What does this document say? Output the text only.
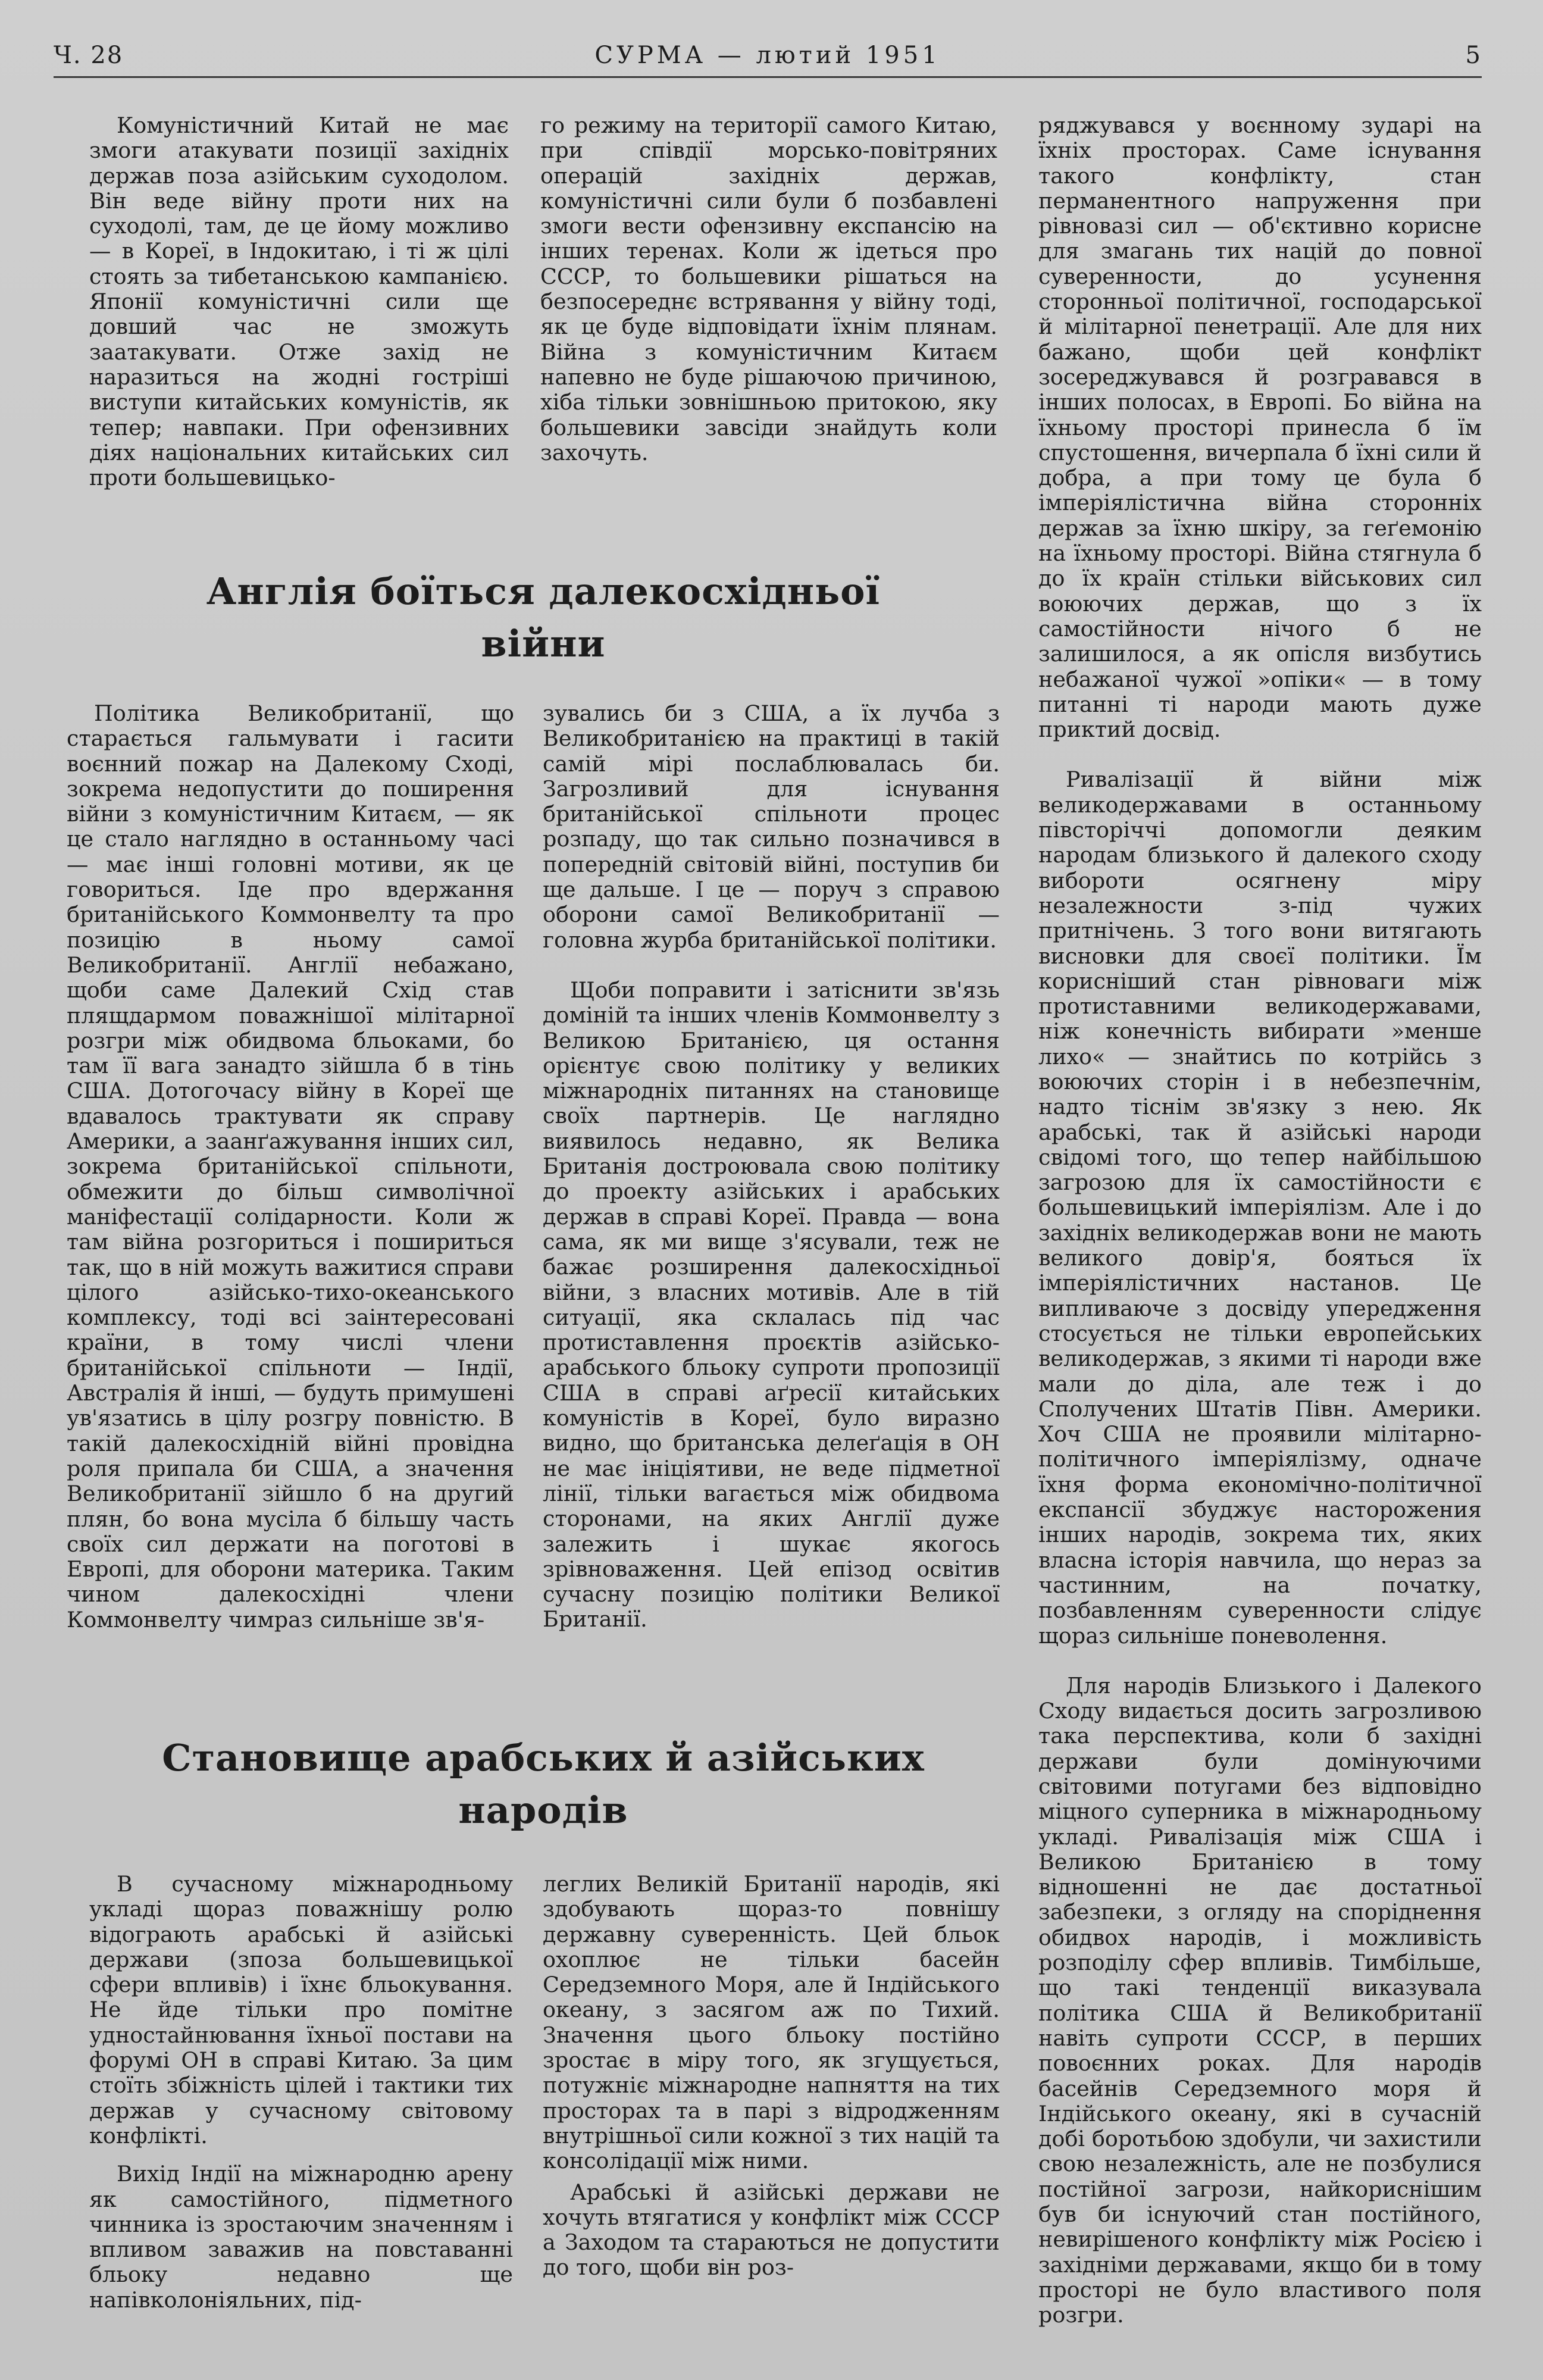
Ч. 28	СУРМА — лютий 1951	5

Комуністичний Китай не має змоги атакувати позиції західніх держав поза азійським суходолом. Він веде війну проти них на суходолі, там, де це йому можливо — в Кореї, в Індокитаю, і ті ж цілі стоять за тибетанською кампанією. Японії комуністичні сили ще довший час не зможуть заатакувати. Отже захід не наразиться на жодні гостріші виступи китайських комуністів, як тепер; навпаки. При офензивних діях національних китайських сил проти большевицько-

го режиму на території самого Китаю, при співдії морсько-повітряних операцій західніх держав, комуністичні сили були б позбавлені змоги вести офензивну експансію на інших теренах. Коли ж ідеться про СССР, то большевики рішаться на безпосереднє встрявання у війну тоді, як це буде відповідати їхнім плянам. Війна з комуністичним Китаєм напевно не буде рішаючою причиною, хіба тільки зовнішньою притокою, яку большевики завсіди знайдуть коли захочуть.

ряджувався у воєнному зударі на їхніх просторах. Саме існування такого конфлікту, стан перманентного напруження при рівновазі сил — об'єктивно корисне для змагань тих націй до повної суверенности, до усунення сторонньої політичної, господарської й мілітарної пенетрації. Але для них бажано, щоби цей конфлікт зосереджувався й розгравався в інших полосах, в Европі. Бо війна на їхньому просторі принесла б їм спустошення, вичерпала б їхні сили й добра, а при тому це була б імперіялістична війна сторонніх держав за їхню шкіру, за геґемонію на їхньому просторі. Війна стягнула б до їх країн стільки військових сил воюючих держав, що з їх самостійности нічого б не залишилося, а як опісля визбутись небажаної чужої »опіки« — в тому питанні ті народи мають дуже приктий досвід.

Ривалізації й війни між великодержавами в останньому півсторіччі допомогли деяким народам близького й далекого сходу вибороти осягнену міру незалежности з-під чужих притнічень. З того вони витягають висновки для своєї політики. Їм корисніший стан рівноваги між протиставними великодержавами, ніж конечність вибирати »менше лихо« — знайтись по котрійсь з воюючих сторін і в небезпечнім, надто тіснім зв'язку з нею. Як арабські, так й азійські народи свідомі того, що тепер найбільшою загрозою для їх самостійности є большевицький імперіялізм. Але і до західніх великодержав вони не мають великого довір'я, бояться їх імперіялістичних настанов. Це випливаюче з досвіду упередження стосується не тільки европейських великодержав, з якими ті народи вже мали до діла, але теж і до Сполучених Штатів Півн. Америки. Хоч США не проявили мілітарно-політичного імперіялізму, одначе їхня форма економічно-політичної експансії збуджує насторожения інших народів, зокрема тих, яких власна історія навчила, що нераз за частинним, на початку, позбавленням суверенности слідує щораз сильніше поневолення.

Для народів Близького і Далекого Сходу видається досить загрозливою така перспектива, коли б західні держави були домінуючими світовими потугами без відповідно міцного суперника в міжнародньому укладі. Ривалізація між США і Великою Британією в тому відношенні не дає достатньої забезпеки, з огляду на споріднення обидвох народів, і можливість розподілу сфер впливів. Тимбільше, що такі тенденції виказувала політика США й Великобританії навіть супроти СССР, в перших повоєнних роках. Для народів басейнів Середземного моря й Індійського океану, які в сучасній добі боротьбою здобули, чи захистили свою незалежність, але не позбулися постійної загрози, найкориснішим був би існуючий стан постійного, невирішеного конфлікту між Росією і західніми державами, якщо би в тому просторі не було властивого поля розгри.

Англія боїться далекосхідньої
війни

Політика Великобританії, що старається гальмувати і гасити воєнний пожар на Далекому Сході, зокрема недопустити до поширення війни з комуністичним Китаєм, — як це стало наглядно в останньому часі — має інші головні мотиви, як це говориться. Іде про вдержання британійського Коммонвелту та про позицію в ньому самої Великобританії. Англії небажано, щоби саме Далекий Схід став плящдармом поважнішої мілітарної розгри між обидвома бльоками, бо там її вага занадто зійшла б в тінь США. Дотогочасу війну в Кореї ще вдавалось трактувати як справу Америки, а заанґажування інших сил, зокрема британійської спільноти, обмежити до більш символічної маніфестації солідарности. Коли ж там війна розгориться і пошириться так, що в ній можуть важитися справи цілого азійсько-тихо-океанського комплексу, тоді всі заінтересовані країни, в тому числі члени британійської спільноти — Індії, Австралія й інші, — будуть примушені ув'язатись в цілу розгру повністю. В такій далекосхідній війні провідна роля припала би США, а значення Великобританії зійшло б на другий плян, бо вона мусіла б більшу часть своїх сил держати на поготові в Европі, для оборони материка. Таким чином далекосхідні члени Коммонвелту чимраз сильніше зв'я-

зувались би з США, а їх лучба з Великобританією на практиці в такій самій мірі послаблювалась би. Загрозливий для існування британійської спільноти процес розпаду, що так сильно позначився в попередній світовій війні, поступив би ще дальше. І це — поруч з справою оборони самої Великобританії — головна журба британійської політики.

Щоби поправити і затіснити зв'язь доміній та інших членів Коммонвелту з Великою Британією, ця остання орієнтує свою політику у великих міжнародніх питаннях на становище своїх партнерів. Це наглядно виявилось недавно, як Велика Британія достроювала свою політику до проекту азійських і арабських держав в справі Кореї. Правда — вона сама, як ми вище з'ясували, теж не бажає розширення далекосхідньої війни, з власних мотивів. Але в тій ситуації, яка склалась під час протиставлення проєктів азійсько-арабського бльоку супроти пропозиції США в справі аґресії китайських комуністів в Кореї, було виразно видно, що британська делеґація в ОН не має ініціятиви, не веде підметної лінії, тільки вагається між обидвома сторонами, на яких Англії дуже залежить і шукає якогось зрівноваження. Цей епізод освітив сучасну позицію політики Великої Британії.

Становище арабських й азійських
народів

В сучасному міжнародньому укладі щораз поважнішу ролю відограють арабські й азійські держави (зпоза большевицької сфери впливів) і їхнє бльокування. Не йде тільки про помітне удностайнювання їхньої постави на форумі ОН в справі Китаю. За цим стоїть збіжність цілей і тактики тих держав у сучасному світовому конфлікті.

Вихід Індії на міжнародню арену як самостійного, підметного чинника із зростаючим значенням і впливом заважив на повставанні бльоку недавно ще напівколоніяльних, під-

леглих Великій Британії народів, які здобувають щораз-то повнішу державну суверенність. Цей бльок охоплює не тільки басейн Середземного Моря, але й Індійського океану, з засягом аж по Тихий. Значення цього бльоку постійно зростає в міру того, як згущується, потужніє міжнародне напняття на тих просторах та в парі з відродженням внутрішньої сили кожної з тих націй та консолідації між ними.

Арабські й азійські держави не хочуть втягатися у конфлікт між СССР а Заходом та стараються не допустити до того, щоби він роз-
